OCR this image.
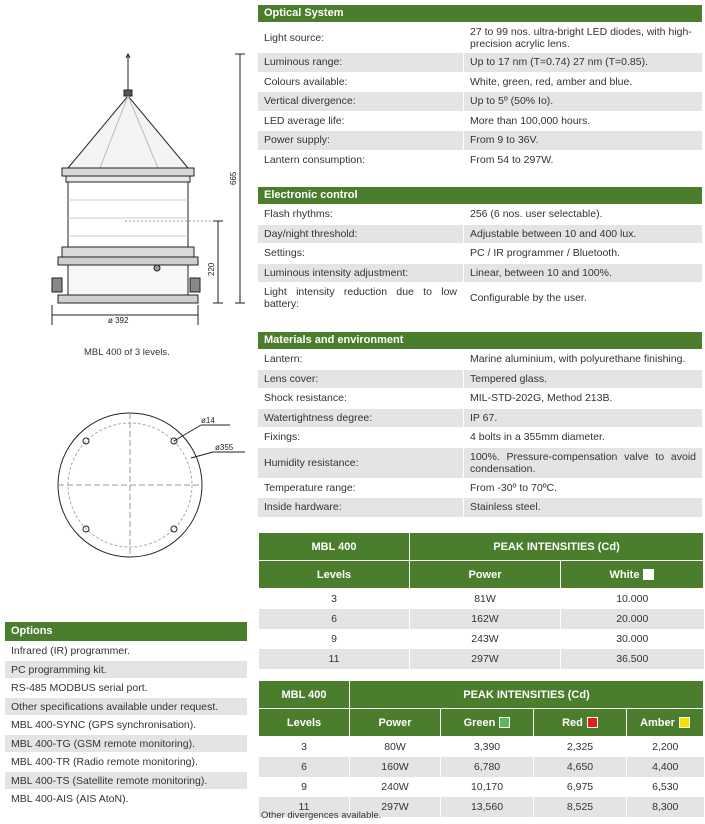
665
220
ø 392
MBL 400 of 3 levels.
ø14
ø355
Optical System
Light source:	27 to 99 nos. ultra-bright LED diodes, with high-precision acrylic lens.
Luminous range:	Up to 17 nm (T=0.74) 27 nm (T=0.85).
Colours available:	White, green, red, amber and blue.
Vertical divergence:	Up to 5º (50% Io).
LED average life:	More than 100,000 hours.
Power supply:	From 9 to 36V.
Lantern consumption:	From 54 to 297W.
Electronic control
Flash rhythms:	256 (6 nos. user selectable).
Day/night threshold:	Adjustable between 10 and 400 lux.
Settings:	PC / IR programmer / Bluetooth.
Luminous intensity adjustment:	Linear, between 10 and 100%.
Light intensity reduction due to low battery:	Configurable by the user.
Materials and environment
Lantern:	Marine aluminium, with polyurethane finishing.
Lens cover:	Tempered glass.
Shock resistance:	MIL-STD-202G, Method 213B.
Watertightness degree:	IP 67.
Fixings:	4 bolts in a 355mm diameter.
Humidity resistance:	100%. Pressure-compensation valve to avoid condensation.
Temperature range:	From -30º to 70ºC.
Inside hardware:	Stainless steel.
MBL 400	PEAK INTENSITIES (Cd)	
Levels	Power	White
3	81W	10.000
6	162W	20.000
9	243W	30.000
11	297W	36.500
Options
Infrared (IR) programmer.
PC programming kit.
RS-485 MODBUS serial port.
Other specifications available under request.
MBL 400-SYNC (GPS synchronisation).
MBL 400-TG (GSM remote monitoring).
MBL 400-TR (Radio remote monitoring).
MBL 400-TS (Satellite remote monitoring).
MBL 400-AIS (AIS AtoN).
MBL 400	PEAK INTENSITIES (Cd)			
Levels	Power	Green	Red	Amber
3	80W	3,390	2,325	2,200
6	160W	6,780	4,650	4,400
9	240W	10,170	6,975	6,530
11	297W	13,560	8,525	8,300
Other divergences available.
